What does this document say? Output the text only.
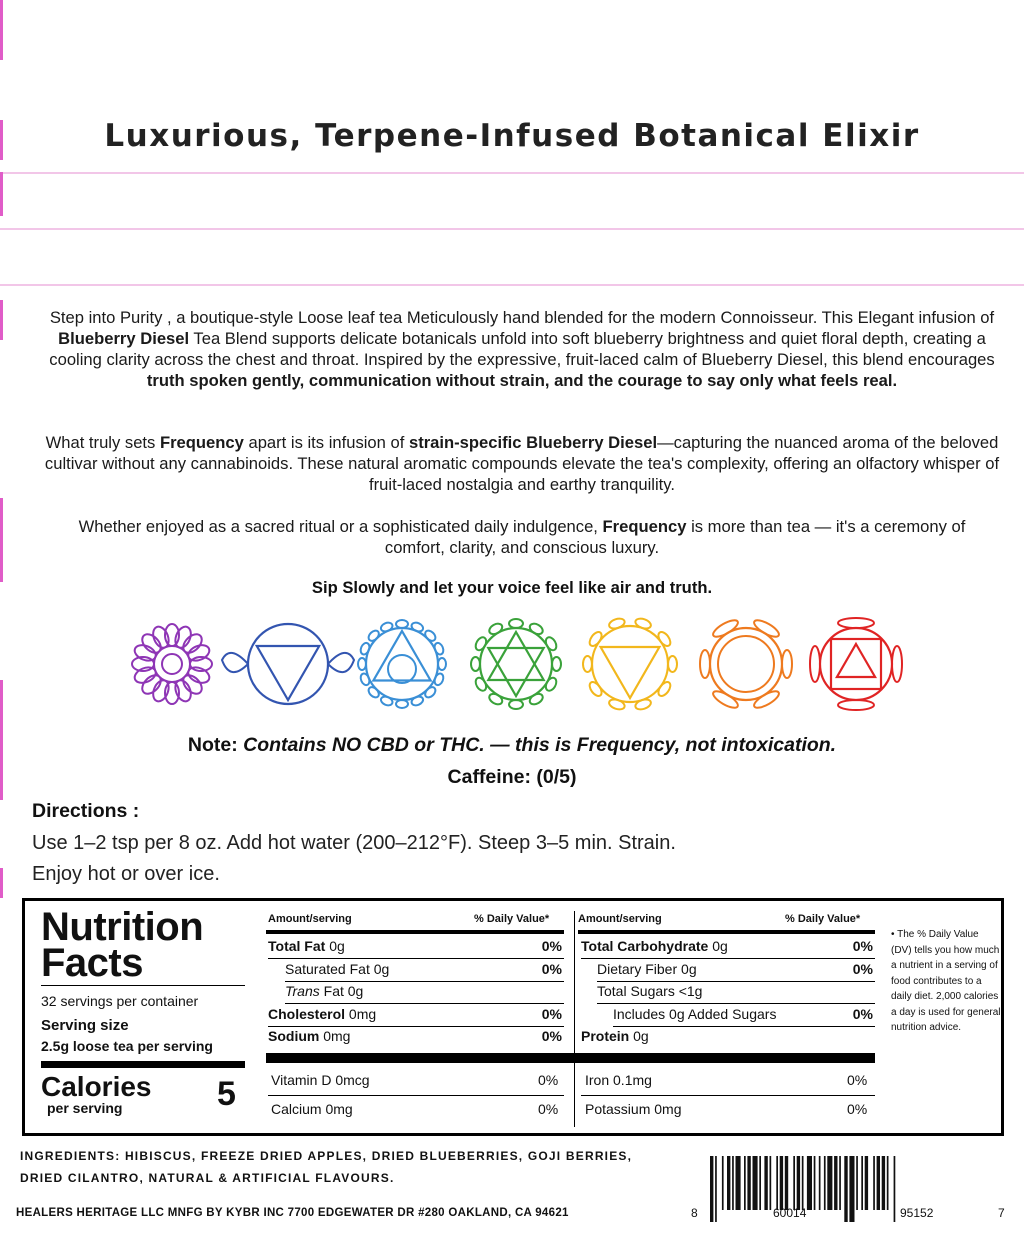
Luxurious, Terpene-Infused Botanical Elixir
Step into Purity , a boutique-style Loose leaf tea Meticulously hand blended for the modern Connoisseur. This Elegant infusion of Blueberry Diesel Tea Blend supports delicate botanicals unfold into soft blueberry brightness and quiet floral depth, creating a cooling clarity across the chest and throat. Inspired by the expressive, fruit-laced calm of Blueberry Diesel, this blend encourages truth spoken gently, communication without strain, and the courage to say only what feels real.
What truly sets Frequency apart is its infusion of strain-specific Blueberry Diesel—capturing the nuanced aroma of the beloved cultivar without any cannabinoids. These natural aromatic compounds elevate the tea's complexity, offering an olfactory whisper of fruit-laced nostalgia and earthy tranquility.
Whether enjoyed as a sacred ritual or a sophisticated daily indulgence, Frequency is more than tea — it's a ceremony of comfort, clarity, and conscious luxury.
Sip Slowly and let your voice feel like air and truth.
Note: Contains NO CBD or THC. — this is Frequency, not intoxication.
Caffeine: (0/5)
Directions :
Use 1–2 tsp per 8 oz. Add hot water (200–212°F). Steep 3–5 min. Strain.
Enjoy hot or over ice.
Nutrition
Facts
32 servings per container
Serving size
2.5g loose tea per serving
Calories
per serving	5
Amount/serving	% Daily Value*	Amount/serving	% Daily Value*
• The % Daily Value (DV) tells you how much a nutrient in a serving of food contributes to a daily diet. 2,000 calories a day is used for general nutrition advice.
Total Fat 0g	0%
Saturated Fat 0g	0%
Trans Fat 0g
Cholesterol 0mg	0%
Sodium 0mg	0%
Total Carbohydrate 0g	0%
Dietary Fiber 0g	0%
Total Sugars <1g
Includes 0g Added Sugars	0%
Protein 0g
Vitamin D 0mcg	0% Iron 0.1mg	0%
Calcium 0mg	0% Potassium 0mg	0%
INGREDIENTS: HIBISCUS, FREEZE DRIED APPLES, DRIED BLUEBERRIES, GOJI BERRIES,
DRIED CILANTRO, NATURAL & ARTIFICIAL FLAVOURS.
HEALERS HERITAGE LLC MNFG BY KYBR INC 7700 EDGEWATER DR #280 OAKLAND, CA 94621	8	60014	95152	7
